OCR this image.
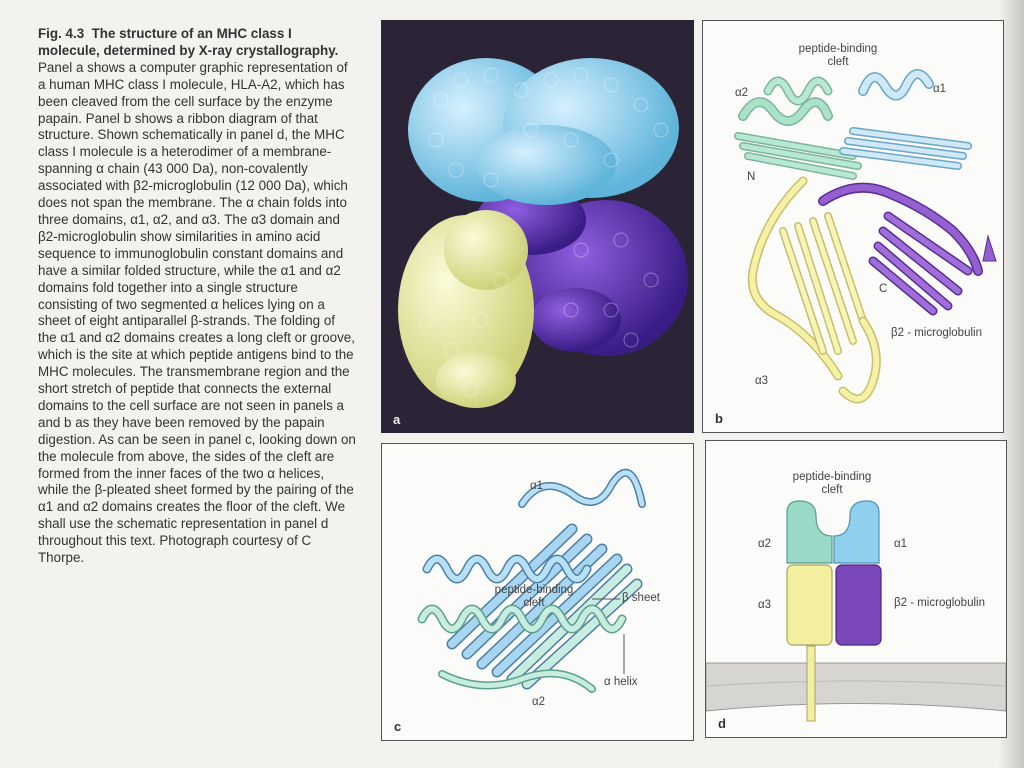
Fig. 4.3 The structure of an MHC class I molecule, determined by X-ray crystallography. Panel a shows a computer graphic representation of a human MHC class I molecule, HLA-A2, which has been cleaved from the cell surface by the enzyme papain. Panel b shows a ribbon diagram of that structure. Shown schematically in panel d, the MHC class I molecule is a heterodimer of a membrane-spanning α chain (43 000 Da), non-covalently associated with β2-microglobulin (12 000 Da), which does not span the membrane. The α chain folds into three domains, α1, α2, and α3. The α3 domain and β2-microglobulin show similarities in amino acid sequence to immunoglobulin constant domains and have a similar folded structure, while the α1 and α2 domains fold together into a single structure consisting of two segmented α helices lying on a sheet of eight antiparallel β-strands. The folding of the α1 and α2 domains creates a long cleft or groove, which is the site at which peptide antigens bind to the MHC molecules. The transmembrane region and the short stretch of peptide that connects the external domains to the cell surface are not seen in panels a and b as they have been removed by the papain digestion. As can be seen in panel c, looking down on the molecule from above, the sides of the cleft are formed from the inner faces of the two α helices, while the β-pleated sheet formed by the pairing of the α1 and α2 domains creates the floor of the cleft. We shall use the schematic representation in panel d throughout this text. Photograph courtesy of C Thorpe.
a
peptide-binding
cleft
α2	α1
N
C
β2 - microglobulin
α3
b
α1
peptide-binding
cleft	β sheet
α helix
α2
c
peptide-binding
cleft
α2	α1
α3	β2 - microglobulin
d
